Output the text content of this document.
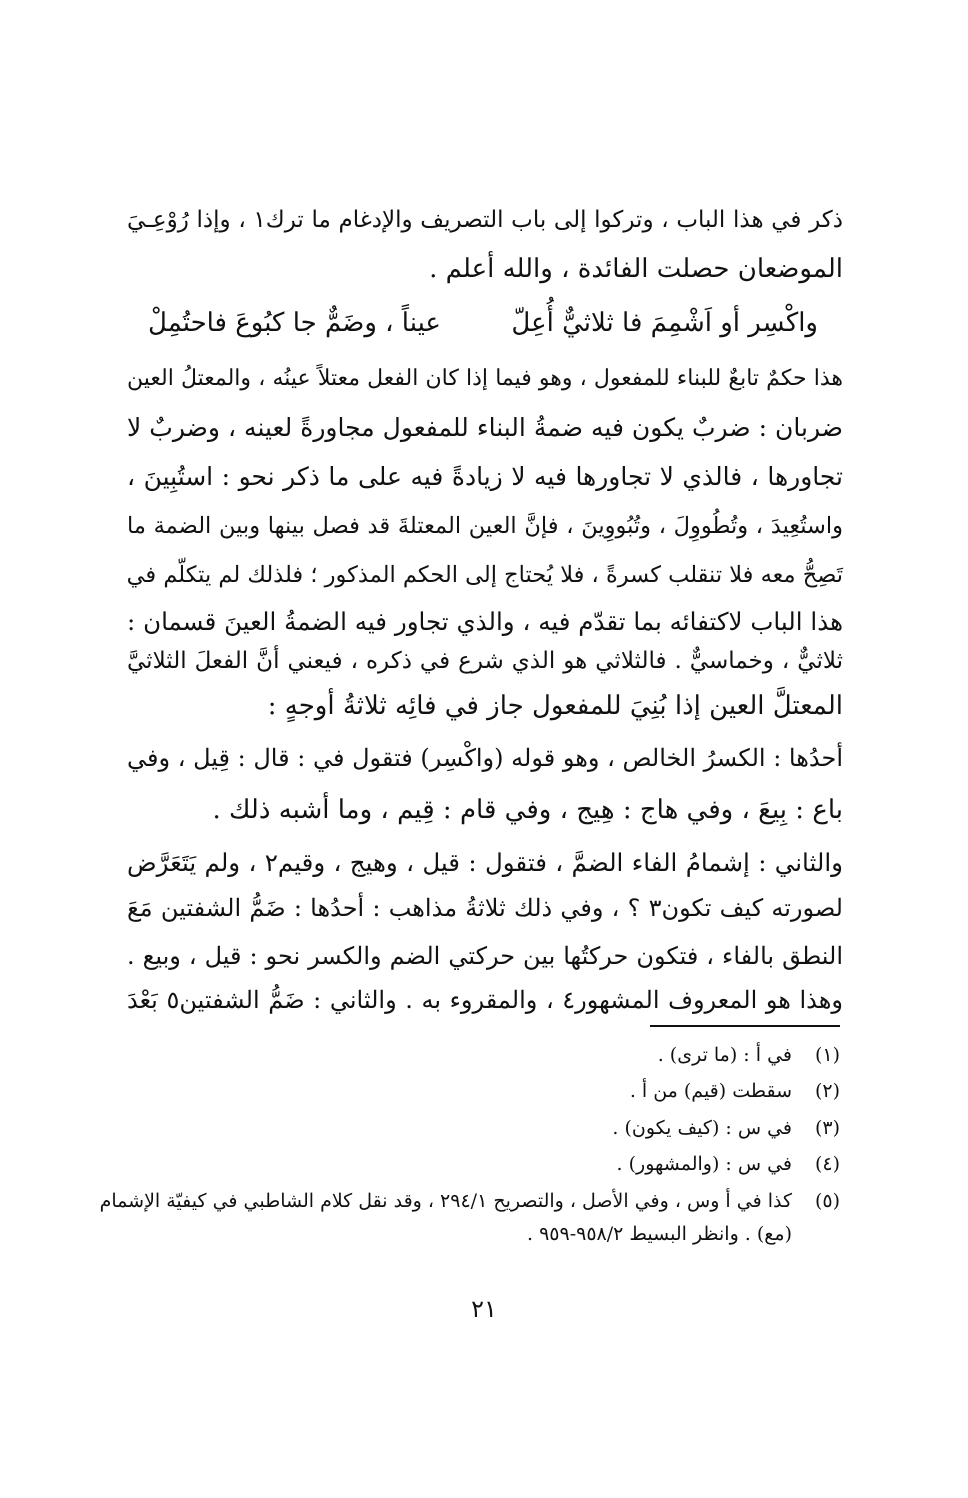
ذكر في هذا الباب ، وتركوا إلى باب التصريف والإدغام ما ترك١ ، وإذا رُوْعِـيَ
الموضعان حصلت الفائدة ، والله أعلم .
واكْسِر أو اَشْمِمَ فا ثلاثيٌّ أُعِلّ
عيناً ، وضَمٌّ جا كبُوعَ فاحتُمِلْ
هذا حكمٌ تابعٌ للبناء للمفعول ، وهو فيما إذا كان الفعل معتلاً عينُه ، والمعتلُ العين
ضربان : ضربٌ يكون فيه ضمةُ البناء للمفعول مجاورةً لعينه ، وضربٌ لا
تجاورها ، فالذي لا تجاورها فيه لا زيادةً فيه على ما ذكر نحو : استُبِينَ ،
واستُعِيدَ ، وتُطُووِلَ ، وتُبُووِينَ ، فإنَّ العين المعتلةَ قد فصل بينها وبين الضمة ما
تَصِحُّ معه فلا تنقلب كسرةً ، فلا يُحتاج إلى الحكم المذكور ؛ فلذلك لم يتكلّم في
هذا الباب لاكتفائه بما تقدّم فيه ، والذي تجاور فيه الضمةُ العينَ قسمان :
ثلاثيٌّ ، وخماسيٌّ . فالثلاثي هو الذي شرع في ذكره ، فيعني أنَّ الفعلَ الثلاثيَّ
المعتلَّ العين إذا بُنِيَ للمفعول جاز في فائِه ثلاثةُ أوجهٍ :
أحدُها : الكسرُ الخالص ، وهو قوله (واكْسِر) فتقول في : قال : قِيل ، وفي
باع : بِيعَ ، وفي هاج : هِيج ، وفي قام : قِيم ، وما أشبه ذلك .
والثاني : إشمامُ الفاء الضمَّ ، فتقول : قيل ، وهيج ، وقيم٢ ، ولم يَتَعَرَّض
لصورته كيف تكون٣ ؟ ، وفي ذلك ثلاثةُ مذاهب : أحدُها : ضَمُّ الشفتين مَعَ
النطق بالفاء ، فتكون حركتُها بين حركتي الضم والكسر نحو : قيل ، وبيع .
وهذا هو المعروف المشهور٤ ، والمقروء به . والثاني : ضَمُّ الشفتين٥ بَعْدَ
(١)في أ : (ما ترى) .
(٢)سقطت (قيم) من أ .
(٣)في س : (كيف يكون) .
(٤)في س : (والمشهور) .
(٥)كذا في أ وس ، وفي الأصل ، والتصريح ٢٩٤/١ ، وقد نقل كلام الشاطبي في كيفيّة الإشمام
(مع) . وانظر البسيط ٩٥٨/٢-٩٥٩ .
٢١
